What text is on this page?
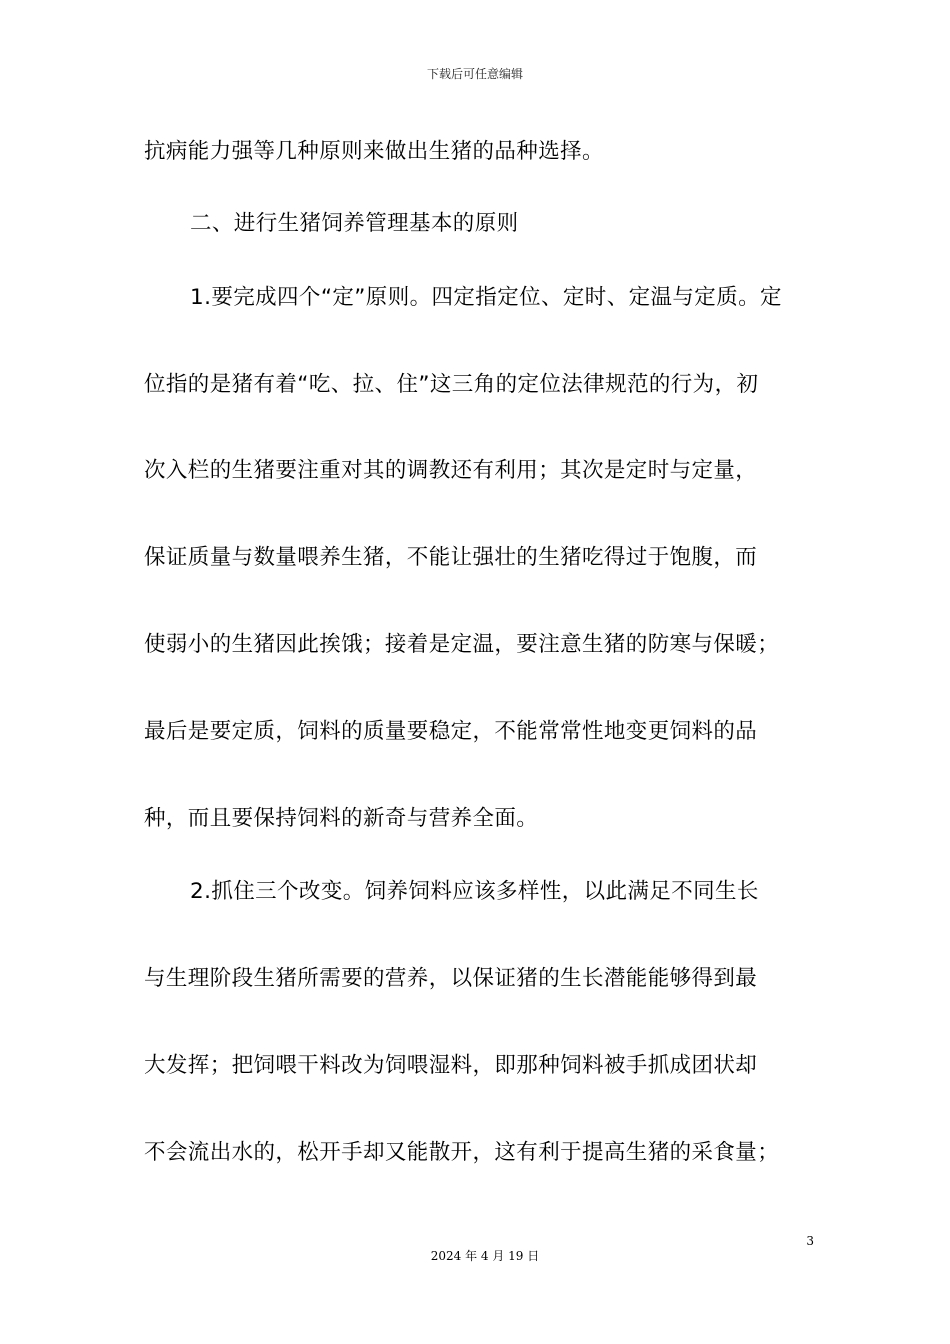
下载后可任意编辑
抗病能力强等几种原则来做出生猪的品种选择。
二、进行生猪饲养管理基本的原则
1.要完成四个“定”原则。四定指定位、定时、定温与定质。定
位指的是猪有着“吃、拉、住”这三角的定位法律规范的行为，初
次入栏的生猪要注重对其的调教还有利用；其次是定时与定量，
保证质量与数量喂养生猪，不能让强壮的生猪吃得过于饱腹，而
使弱小的生猪因此挨饿；接着是定温，要注意生猪的防寒与保暖；
最后是要定质，饲料的质量要稳定，不能常常性地变更饲料的品
种，而且要保持饲料的新奇与营养全面。
2.抓住三个改变。饲养饲料应该多样性，以此满足不同生长
与生理阶段生猪所需要的营养，以保证猪的生长潜能能够得到最
大发挥；把饲喂干料改为饲喂湿料，即那种饲料被手抓成团状却
不会流出水的，松开手却又能散开，这有利于提高生猪的采食量；
3
2024 年 4 月 19 日
